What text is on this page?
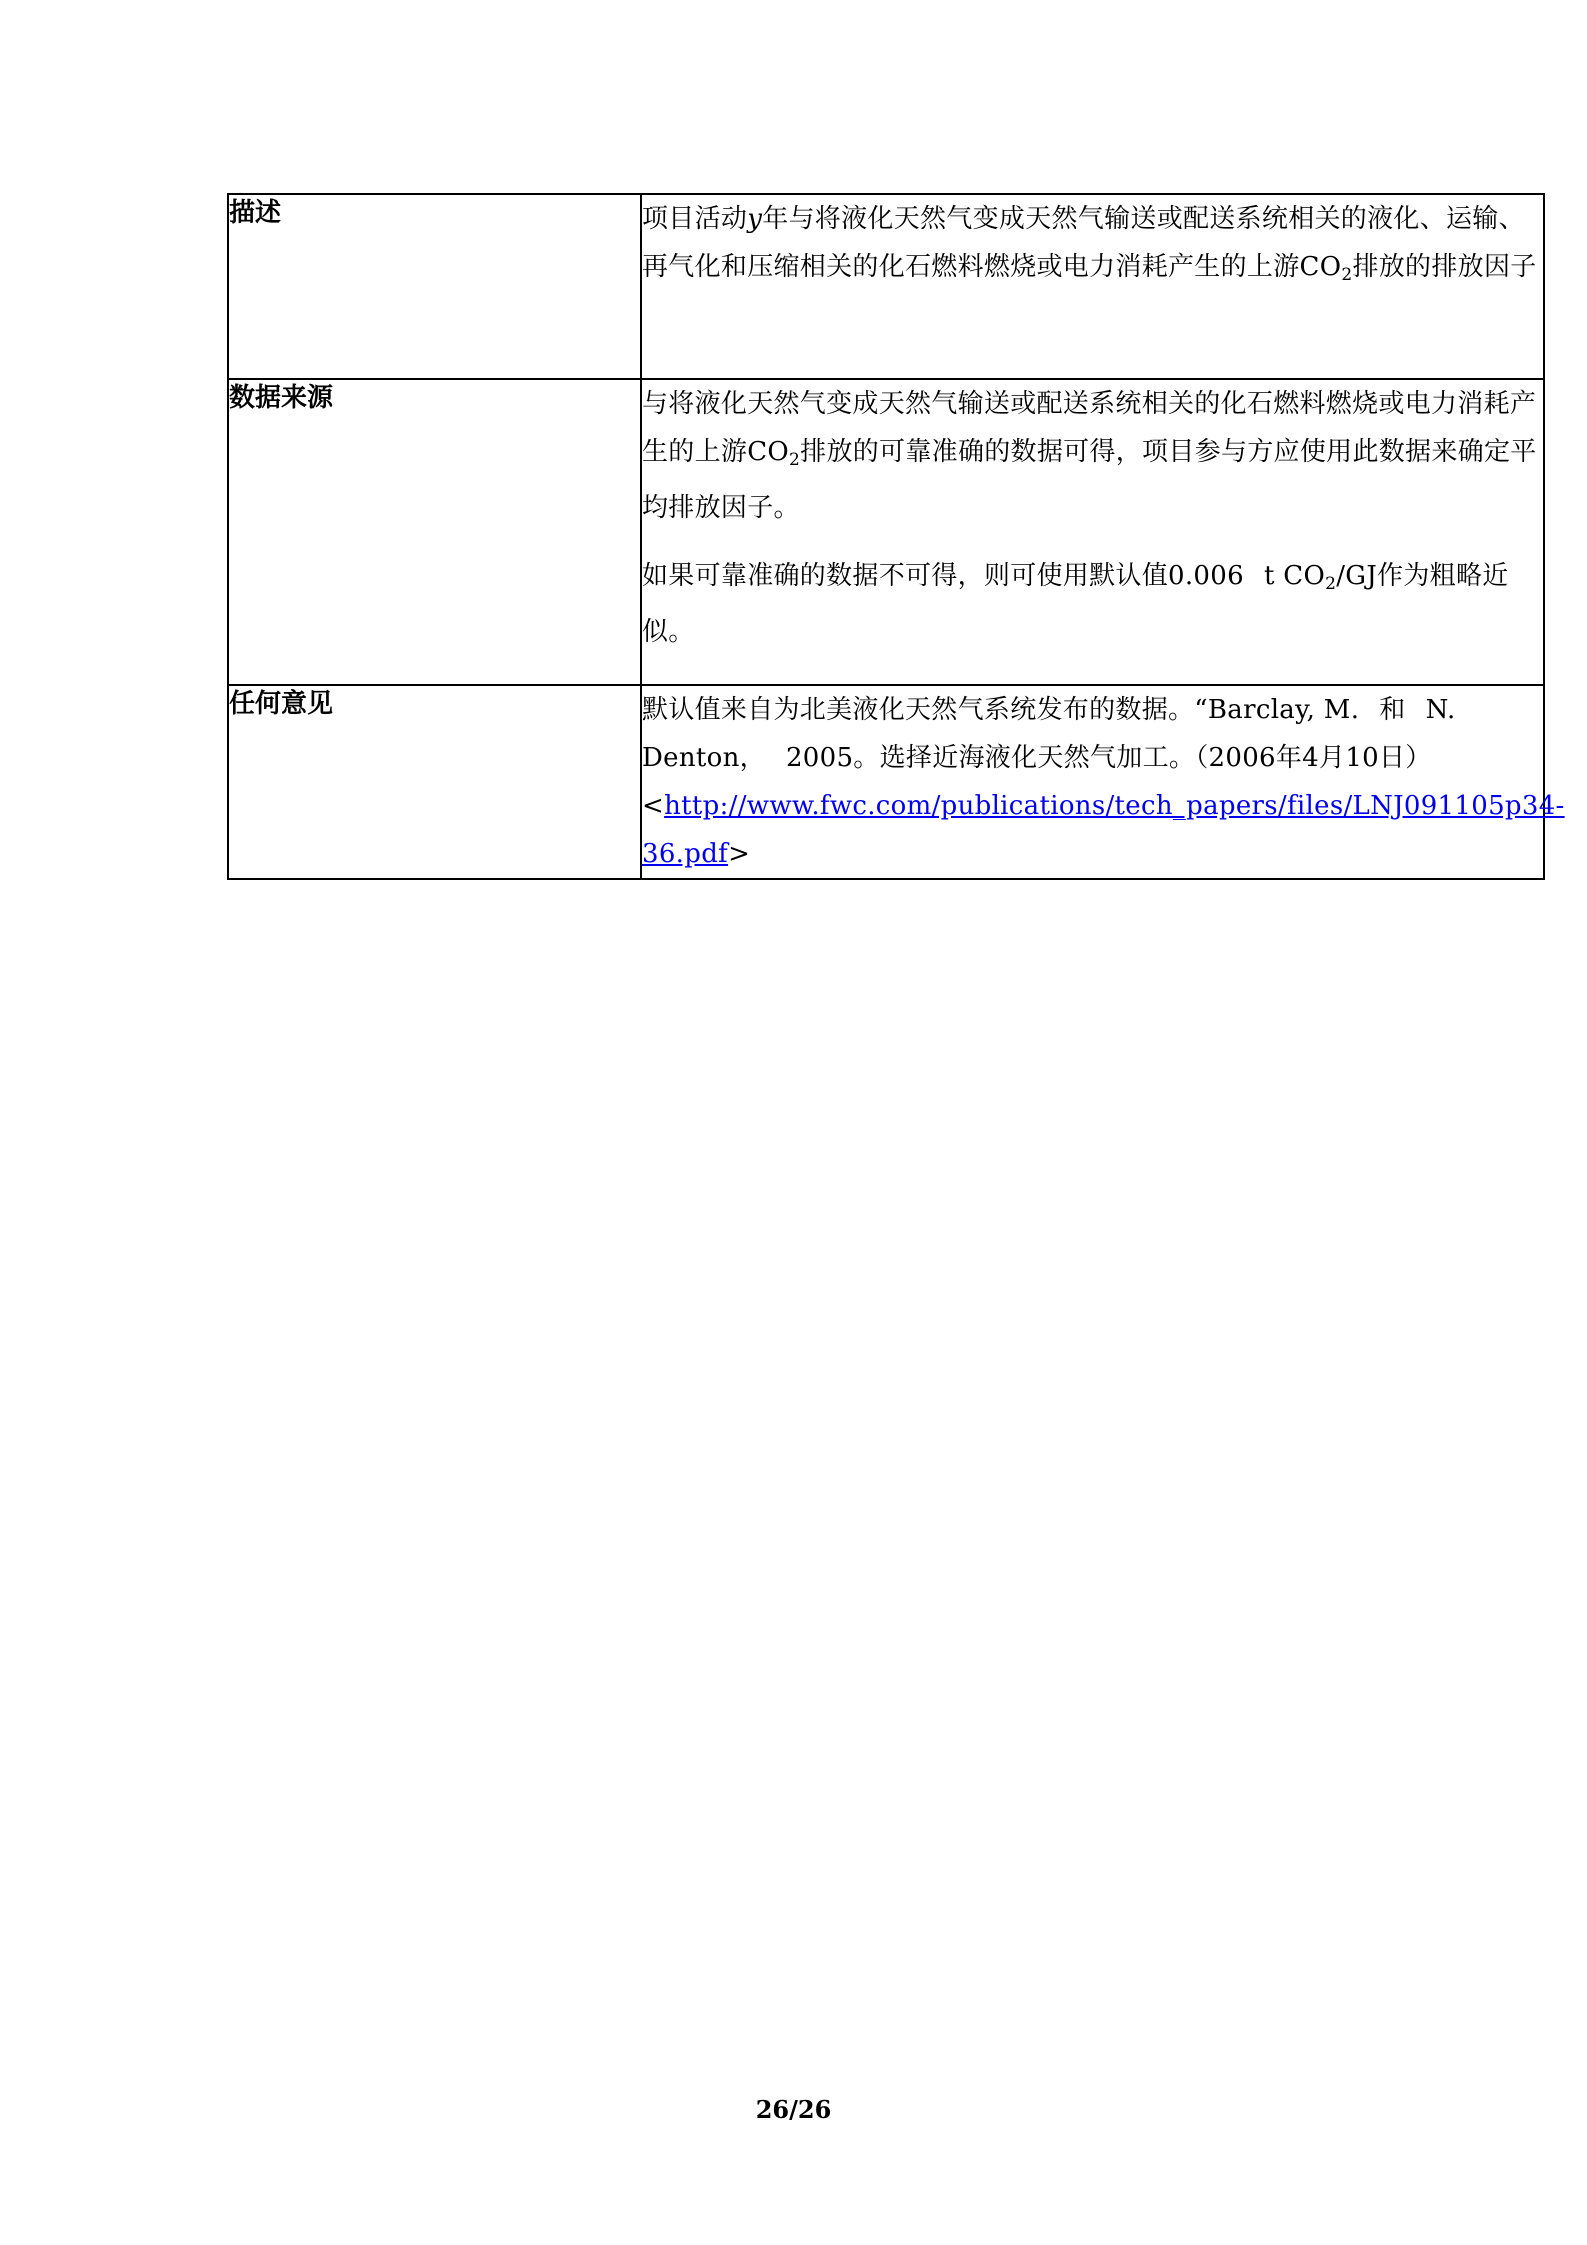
描述	项目活动y年与将液化天然气变成天然气输送或配送系统相关的液化、运输、再气化和压缩相关的化石燃料燃烧或电力消耗产生的上游$CO_2$排放的排放因子
数据来源	与将液化天然气变成天然气输送或配送系统相关的化石燃料燃烧或电力消耗产生的上游$CO_2$排放的可靠准确的数据可得，项目参与方应使用此数据来确定平均排放因子。

如果可靠准确的数据不可得，则可使用默认值0.006 t $CO_2/GJ$作为粗略近似。

任何意见	默认值来自为北美液化天然气系统发布的数据。“Barclay, M. 和 N. Denton， 2005。选择近海液化天然气加工。（2006年4月10日）
<http://www.fwc.com/publications/tech_papers/files/LNJ091105p34-36.pdf>
26/26
